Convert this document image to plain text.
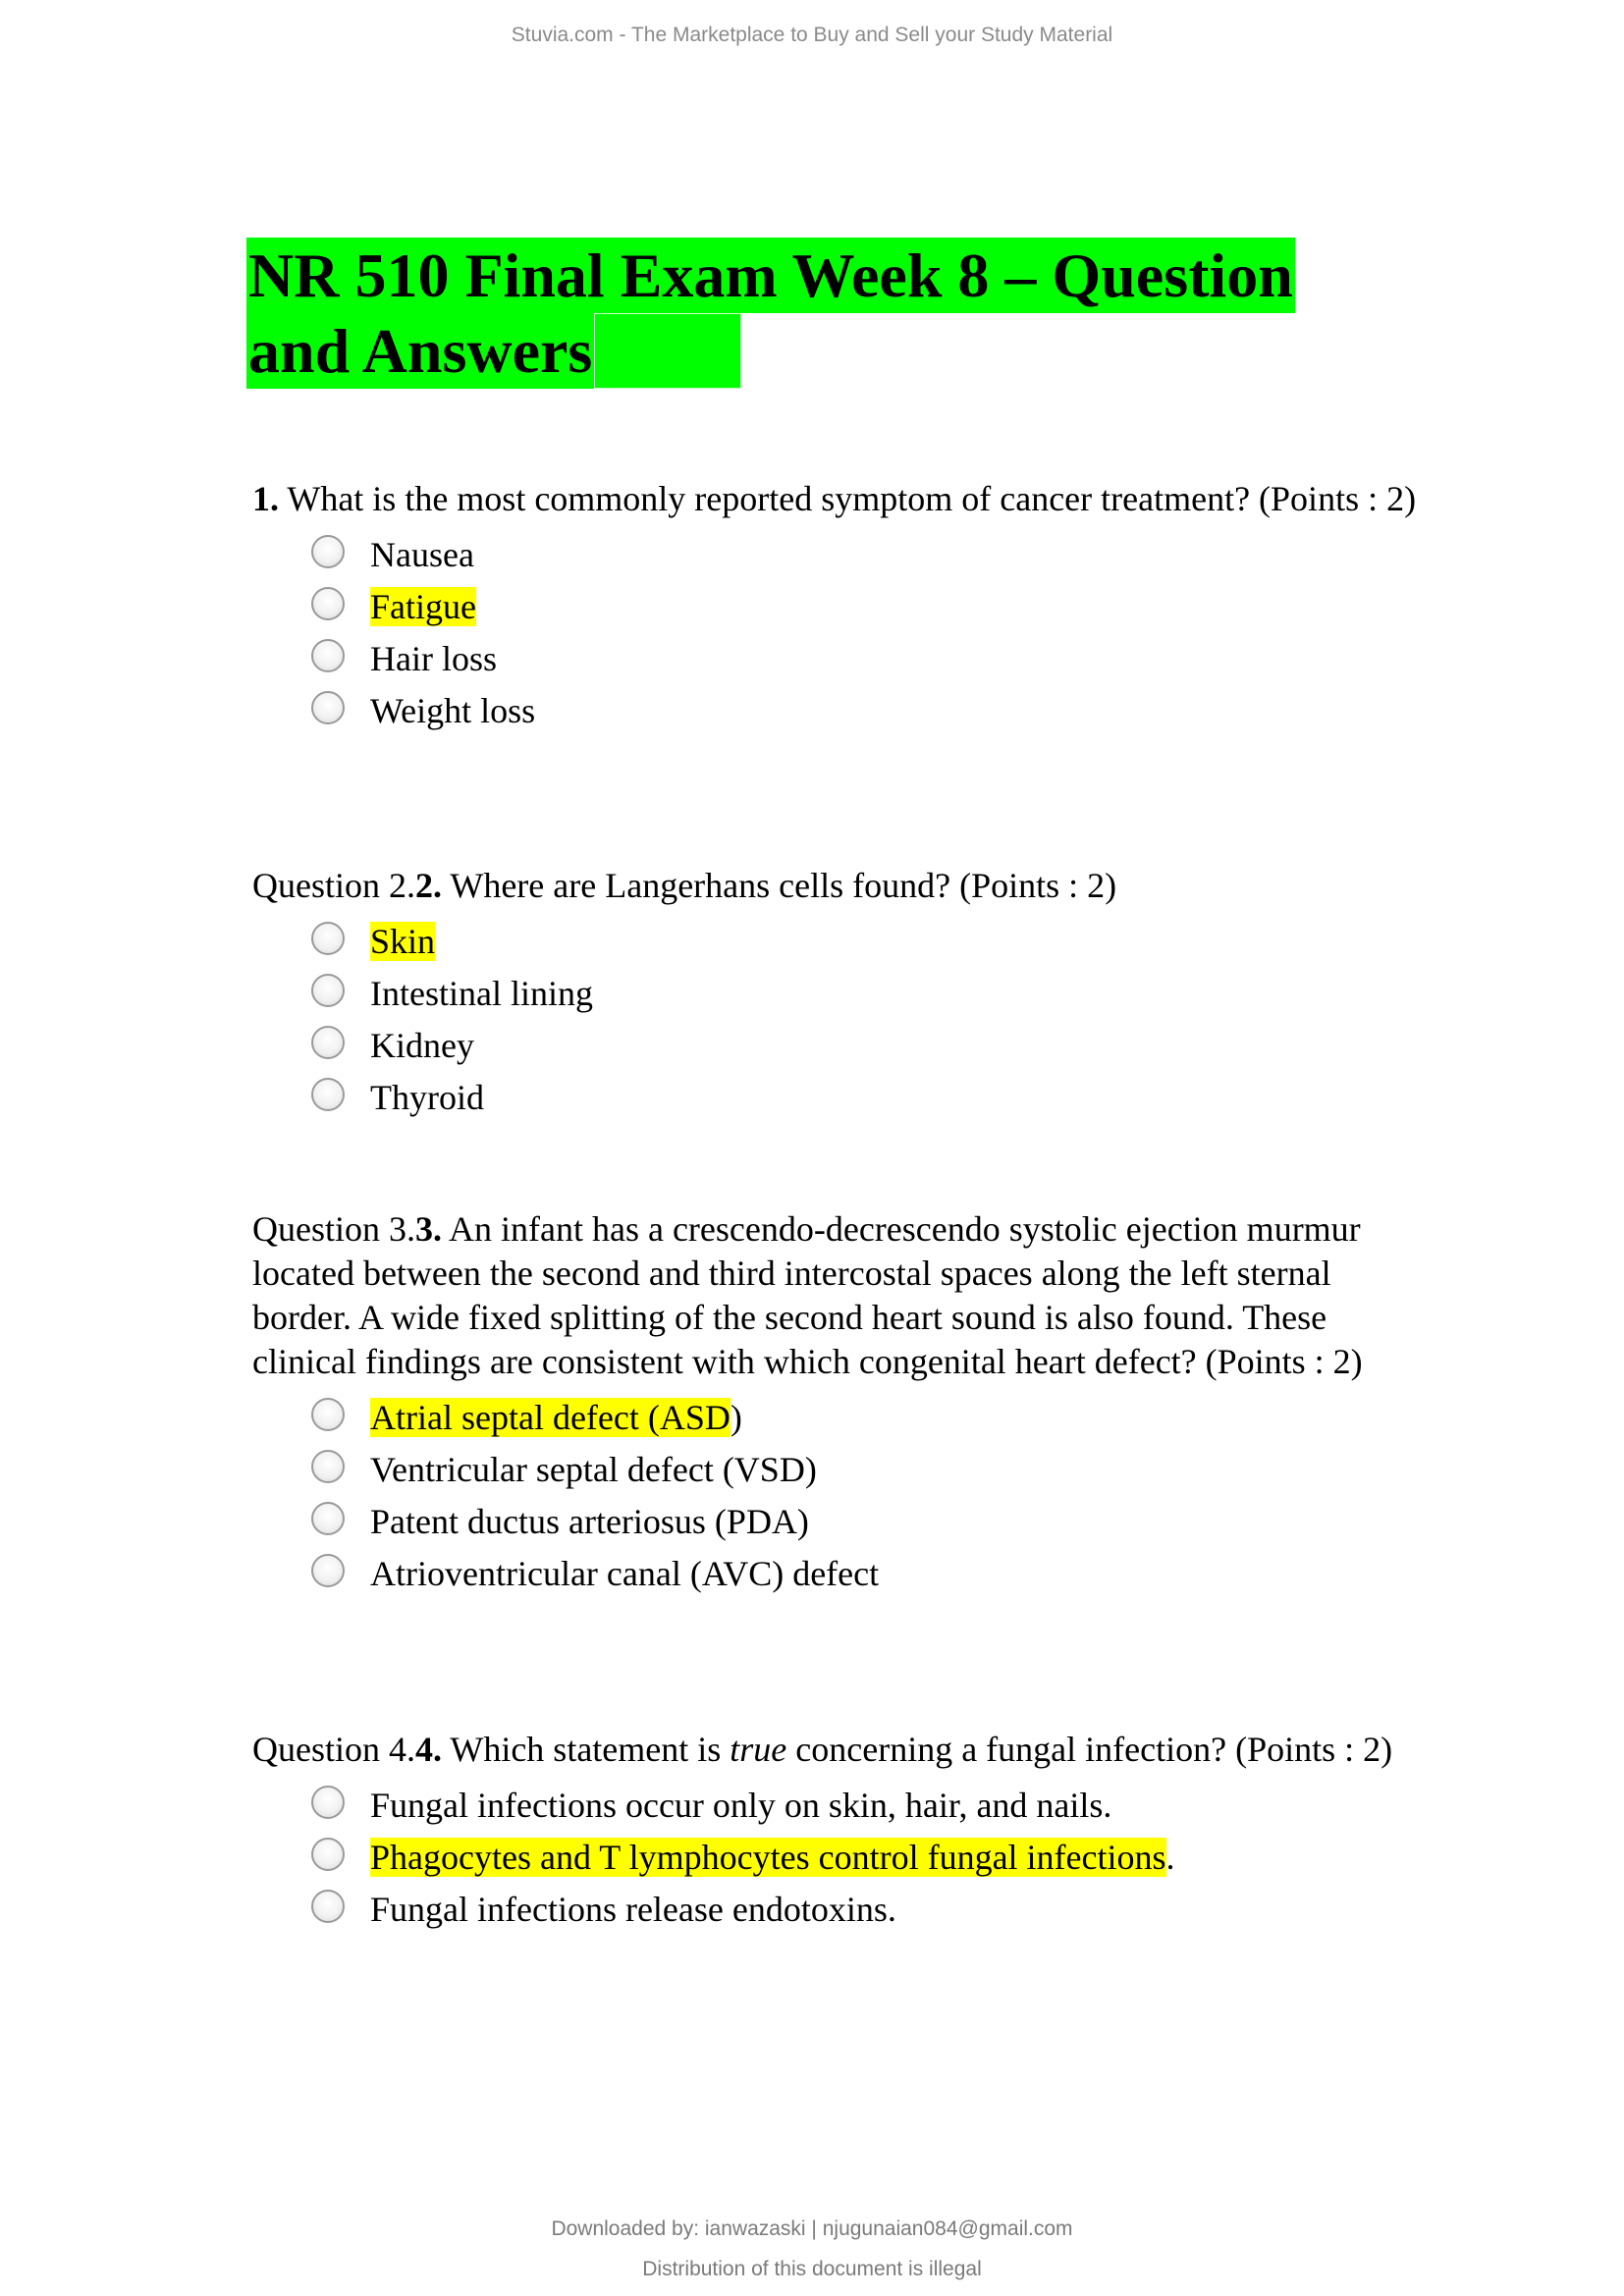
Stuvia.com - The Marketplace to Buy and Sell your Study Material
NR 510 Final Exam Week 8 – Question
and Answers

1. What is the most commonly reported symptom of cancer treatment? (Points : 2)

Nausea
Fatigue
Hair loss
Weight loss

Question 2.2. Where are Langerhans cells found? (Points : 2)

Skin
Intestinal lining
Kidney
Thyroid

Question 3.3. An infant has a crescendo-decrescendo systolic ejection murmur located between the second and third intercostal spaces along the left sternal border. A wide fixed splitting of the second heart sound is also found. These clinical findings are consistent with which congenital heart defect? (Points : 2)

Atrial septal defect (ASD)
Ventricular septal defect (VSD)
Patent ductus arteriosus (PDA)
Atrioventricular canal (AVC) defect

Question 4.4. Which statement is true concerning a fungal infection? (Points : 2)

Fungal infections occur only on skin, hair, and nails.
Phagocytes and T lymphocytes control fungal infections.
Fungal infections release endotoxins.
Downloaded by: ianwazaski | njugunaian084@gmail.com
Distribution of this document is illegal
